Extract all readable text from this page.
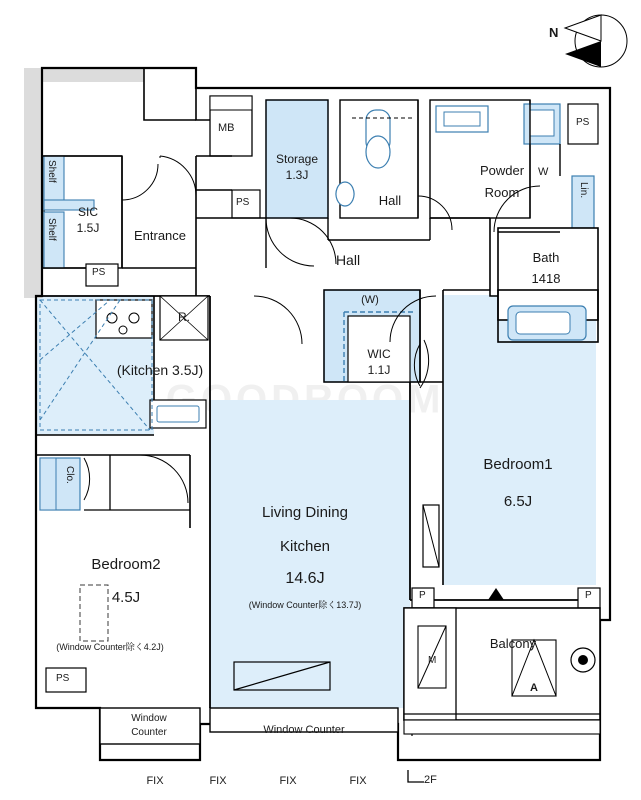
N
MB
Storage
1.3J
Hall
Powder
Room
Bath
1418
SIC
1.5J
Shelf
Shelf	Entrance
Hall
PS
PS
PS
W
Lin.
R.
(Kitchen 3.5J)
(W)
WIC
1.1J
Bedroom1
6.5J
Clo.
Bedroom2
4.5J
(Window Counter除く4.2J)
Living Dining
Kitchen
14.6J
(Window Counter除く13.7J)
Balcony
M
A
P	P
PS
Window
Counter	Window Counter
FIX	FIX	FIX	FIX	2F
